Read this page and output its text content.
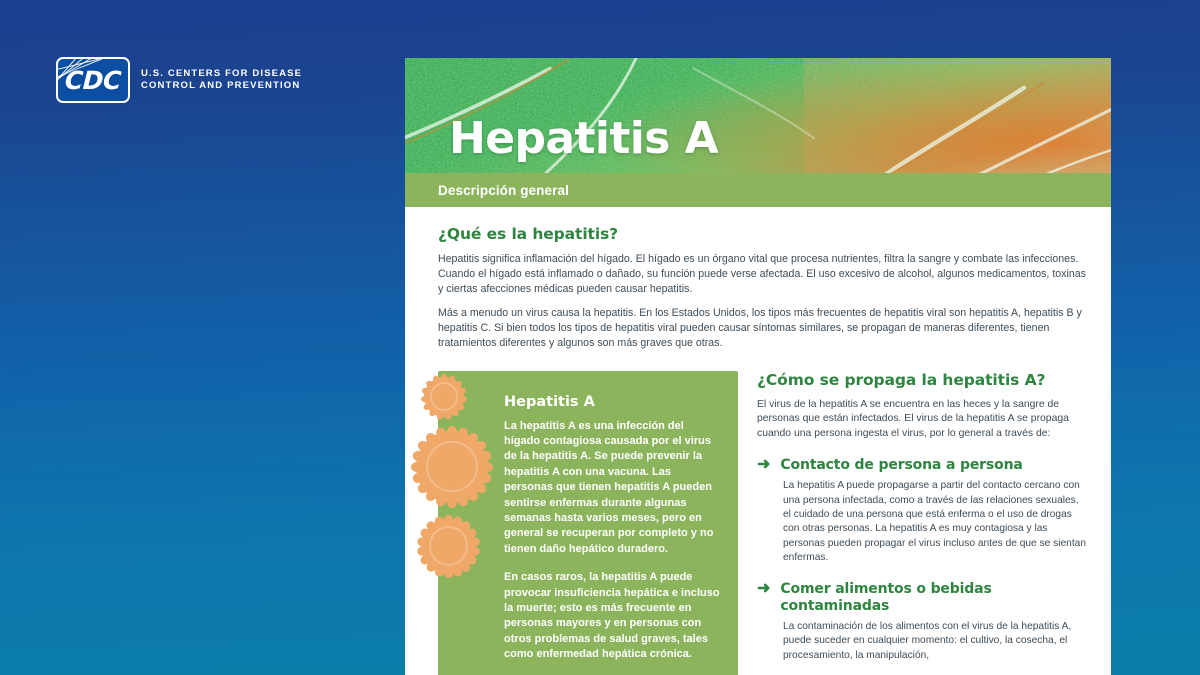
CDC U.S. CENTERS FOR DISEASE
CONTROL AND PREVENTION
Hepatitis A
Descripción general
¿Qué es la hepatitis?

Hepatitis significa inflamación del hígado. El hígado es un órgano vital que procesa nutrientes, filtra la sangre y combate las infecciones. Cuando el hígado está inflamado o dañado, su función puede verse afectada. El uso excesivo de alcohol, algunos medicamentos, toxinas y ciertas afecciones médicas pueden causar hepatitis.

Más a menudo un virus causa la hepatitis. En los Estados Unidos, los tipos más frecuentes de hepatitis viral son hepatitis A, hepatitis B y hepatitis C. Si bien todos los tipos de hepatitis viral pueden causar síntomas similares, se propagan de maneras diferentes, tienen tratamientos diferentes y algunos son más graves que otras.

Hepatitis A

La hepatitis A es una infección del hígado contagiosa causada por el virus de la hepatitis A. Se puede prevenir la hepatitis A con una vacuna. Las personas que tienen hepatitis A pueden sentirse enfermas durante algunas semanas hasta varios meses, pero en general se recuperan por completo y no tienen daño hepático duradero.

En casos raros, la hepatitis A puede provocar insuficiencia hepática e incluso la muerte; esto es más frecuente en personas mayores y en personas con otros problemas de salud graves, tales como enfermedad hepática crónica.

¿Cómo se propaga la hepatitis A?

El virus de la hepatitis A se encuentra en las heces y la sangre de personas que están infectados. El virus de la hepatitis A se propaga cuando una persona ingesta el virus, por lo general a través de:

➜ Contacto de persona a persona

La hepatitis A puede propagarse a partir del contacto cercano con una persona infectada, como a través de las relaciones sexuales, el cuidado de una persona que está enferma o el uso de drogas con otras personas. La hepatitis A es muy contagiosa y las personas pueden propagar el virus incluso antes de que se sientan enfermas.

➜ Comer alimentos o bebidas contaminadas

La contaminación de los alimentos con el virus de la hepatitis A, puede suceder en cualquier momento: el cultivo, la cosecha, el procesamiento, la manipulación,
